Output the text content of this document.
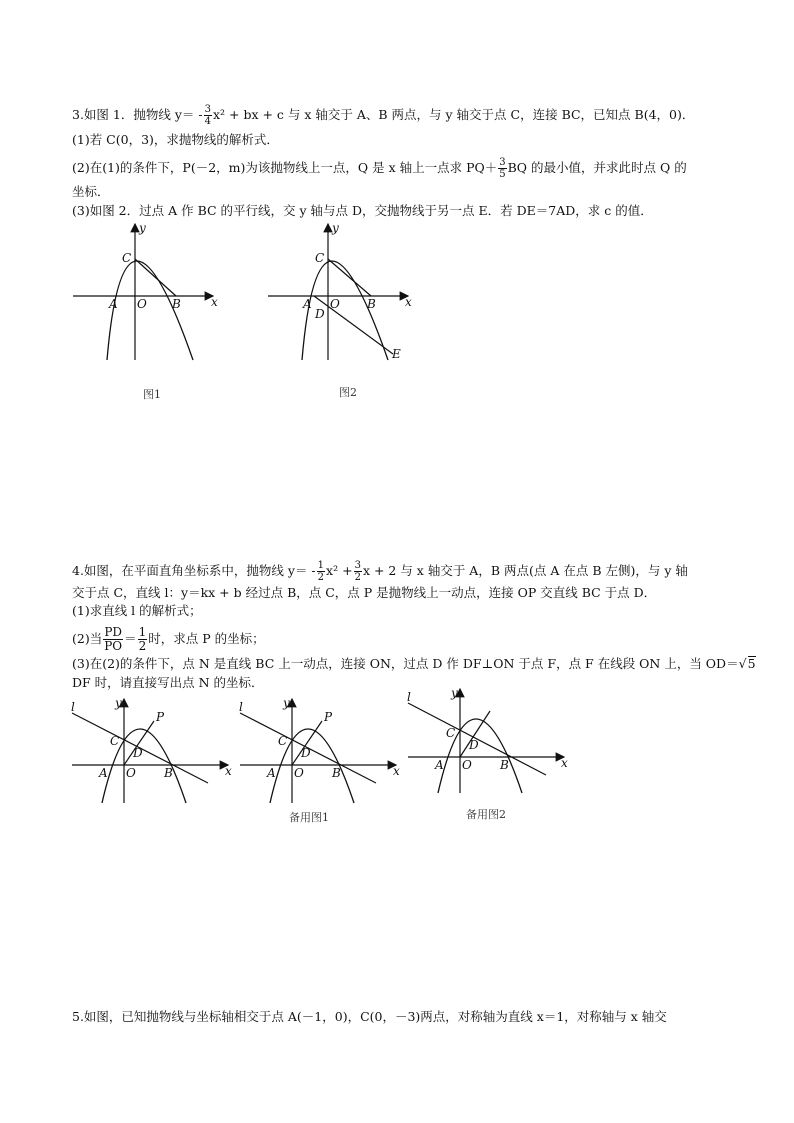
3.如图 1．抛物线 $y= - \frac{3}{4} x^2$ + bx + c 与 x 轴交于 A、B 两点，与 y 轴交于点 C，连接 BC，已知点 B(4，0)．
(1)若 C(0，3)，求抛物线的解析式．
(2)在(1)的条件下，P(－2，m)为该抛物线上一点，Q 是 x 轴上一点求 $PQ+ \frac{3}{5}$ BQ 的最小值，并求此时点 Q 的
坐标．
(3)如图 2．过点 A 作 BC 的平行线，交 y 轴与点 D，交抛物线于另一点 E．若 DE＝7AD，求 c 的值．
y
x
C
A O B
图1
y
x
C
A O B
D
E
图2
4.如图，在平面直角坐标系中，抛物线 $y= - \frac{1}{2} x^2 + \frac{3}{2}$ x + 2 与 x 轴交于 A，B 两点(点 A 在点 B 左侧)，与 y 轴
交于点 C，直线 l：y＝kx + b 经过点 B，点 C，点 P 是抛物线上一动点，连接 OP 交直线 BC 于点 D．
(1)求直线 l 的解析式；
(2)当 $\frac{PD}{PO} = \frac{1}{2}$ 时，求点 P 的坐标；
(3)在(2)的条件下，点 N 是直线 BC 上一动点，连接 ON，过点 D 作 DF⊥ON 于点 F，点 F 在线段 ON 上，当 OD＝√5
DF 时，请直接写出点 N 的坐标．
l	y
x
C
D
P
A O B
l	y
x
C
D
P
A O B
备用图1
l	y
x
C
D
A O B
备用图2
5.如图，已知抛物线与坐标轴相交于点 A(－1，0)，C(0，－3)两点，对称轴为直线 x＝1，对称轴与 x 轴交
